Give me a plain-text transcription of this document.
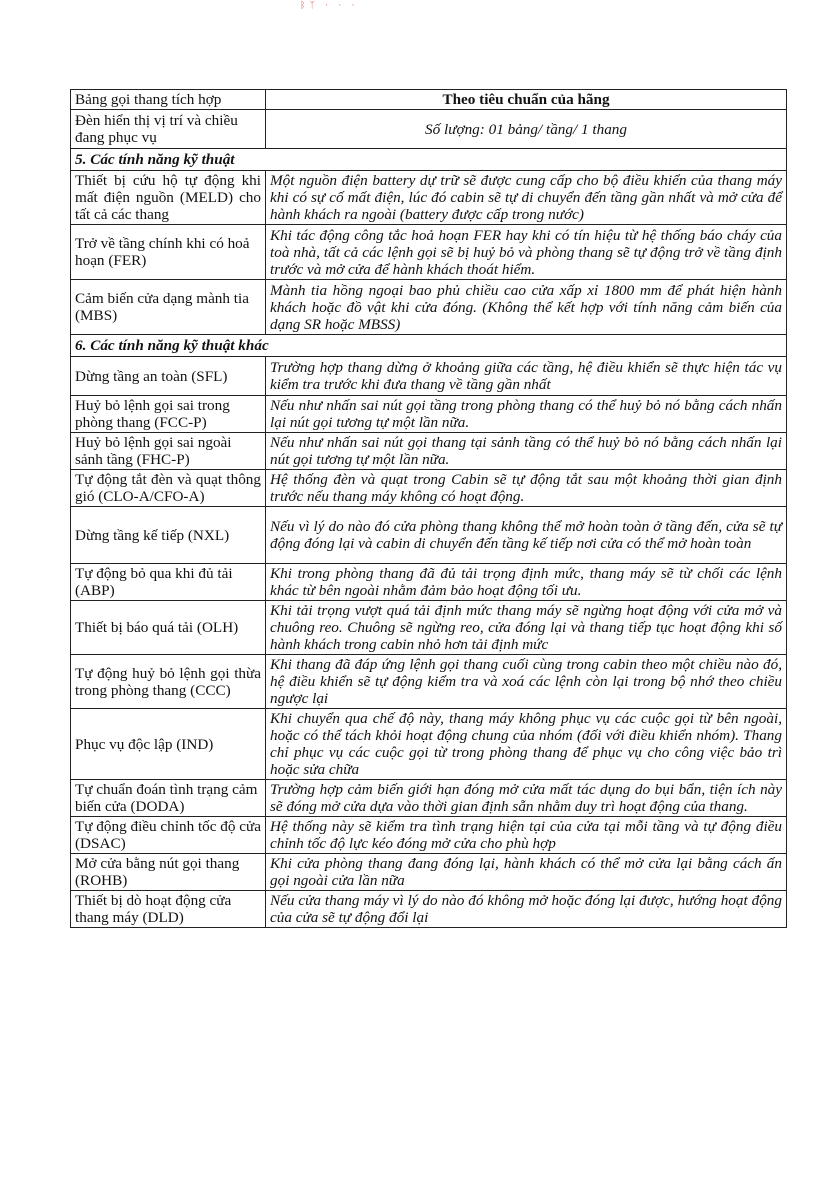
ᛒᛉ · · ·
Bảng gọi thang tích hợp	Theo tiêu chuẩn của hãng
Đèn hiển thị vị trí và chiều đang phục vụ	Số lượng: 01 bảng/ tầng/ 1 thang
5. Các tính năng kỹ thuật	
Thiết bị cứu hộ tự động khi mất điện nguồn (MELD) cho tất cả các thang	Một nguồn điện battery dự trữ sẽ được cung cấp cho bộ điều khiển của thang máy khi có sự cố mất điện, lúc đó cabin sẽ tự di chuyển đến tầng gần nhất và mở cửa để hành khách ra ngoài (battery được cấp trong nước)
Trở về tầng chính khi có hoả hoạn (FER)	Khi tác động công tắc hoả hoạn FER hay khi có tín hiệu từ hệ thống báo cháy của toà nhà, tất cả các lệnh gọi sẽ bị huỷ bỏ và phòng thang sẽ tự động trở về tầng định trước và mở cửa để hành khách thoát hiểm.
Cảm biến cửa dạng mành tia (MBS)	Mành tia hồng ngoại bao phủ chiều cao cửa xấp xỉ 1800 mm để phát hiện hành khách hoặc đồ vật khi cửa đóng. (Không thể kết hợp với tính năng cảm biến của dạng SR hoặc MBSS)
6. Các tính năng kỹ thuật khác	
Dừng tầng an toàn (SFL)	Trường hợp thang dừng ở khoảng giữa các tầng, hệ điều khiển sẽ thực hiện tác vụ kiểm tra trước khi đưa thang về tầng gần nhất
Huỷ bỏ lệnh gọi sai trong phòng thang (FCC-P)	Nếu như nhấn sai nút gọi tầng trong phòng thang có thể huỷ bỏ nó bằng cách nhấn lại nút gọi tương tự một lần nữa.
Huỷ bỏ lệnh gọi sai ngoài sảnh tầng (FHC-P)	Nếu như nhấn sai nút gọi thang tại sảnh tầng có thể huỷ bỏ nó bằng cách nhấn lại nút gọi tương tự một lần nữa.
Tự động tắt đèn và quạt thông gió (CLO-A/CFO-A)	Hệ thống đèn và quạt trong Cabin sẽ tự động tắt sau một khoảng thời gian định trước nếu thang máy không có hoạt động.
Dừng tầng kế tiếp (NXL)	Nếu vì lý do nào đó cửa phòng thang không thể mở hoàn toàn ở tầng đến, cửa sẽ tự động đóng lại và cabin di chuyển đến tầng kế tiếp nơi cửa có thể mở hoàn toàn
Tự động bỏ qua khi đủ tải (ABP)	Khi trong phòng thang đã đủ tải trọng định mức, thang máy sẽ từ chối các lệnh khác từ bên ngoài nhằm đảm bảo hoạt động tối ưu.
Thiết bị báo quá tải (OLH)	Khi tải trọng vượt quá tải định mức thang máy sẽ ngừng hoạt động với cửa mở và chuông reo. Chuông sẽ ngừng reo, cửa đóng lại và thang tiếp tục hoạt động khi số hành khách trong cabin nhỏ hơn tải định mức
Tự động huỷ bỏ lệnh gọi thừa trong phòng thang (CCC)	Khi thang đã đáp ứng lệnh gọi thang cuối cùng trong cabin theo một chiều nào đó, hệ điều khiển sẽ tự động kiểm tra và xoá các lệnh còn lại trong bộ nhớ theo chiều ngược lại
Phục vụ độc lập (IND)	Khi chuyển qua chế độ này, thang máy không phục vụ các cuộc gọi từ bên ngoài, hoặc có thể tách khỏi hoạt động chung của nhóm (đối với điều khiển nhóm). Thang chỉ phục vụ các cuộc gọi từ trong phòng thang để phục vụ cho công việc bảo trì hoặc sửa chữa
Tự chuẩn đoán tình trạng cảm biến cửa (DODA)	Trường hợp cảm biến giới hạn đóng mở cửa mất tác dụng do bụi bẩn, tiện ích này sẽ đóng mở cửa dựa vào thời gian định sẵn nhằm duy trì hoạt động của thang.
Tự động điều chỉnh tốc độ cửa (DSAC)	Hệ thống này sẽ kiểm tra tình trạng hiện tại của cửa tại mỗi tầng và tự động điều chỉnh tốc độ lực kéo đóng mở cửa cho phù hợp
Mở cửa bằng nút gọi thang (ROHB)	Khi cửa phòng thang đang đóng lại, hành khách có thể mở cửa lại bằng cách ấn gọi ngoài cửa lần nữa
Thiết bị dò hoạt động cửa thang máy (DLD)	Nếu cửa thang máy vì lý do nào đó không mở hoặc đóng lại được, hướng hoạt động của cửa sẽ tự động đổi lại
